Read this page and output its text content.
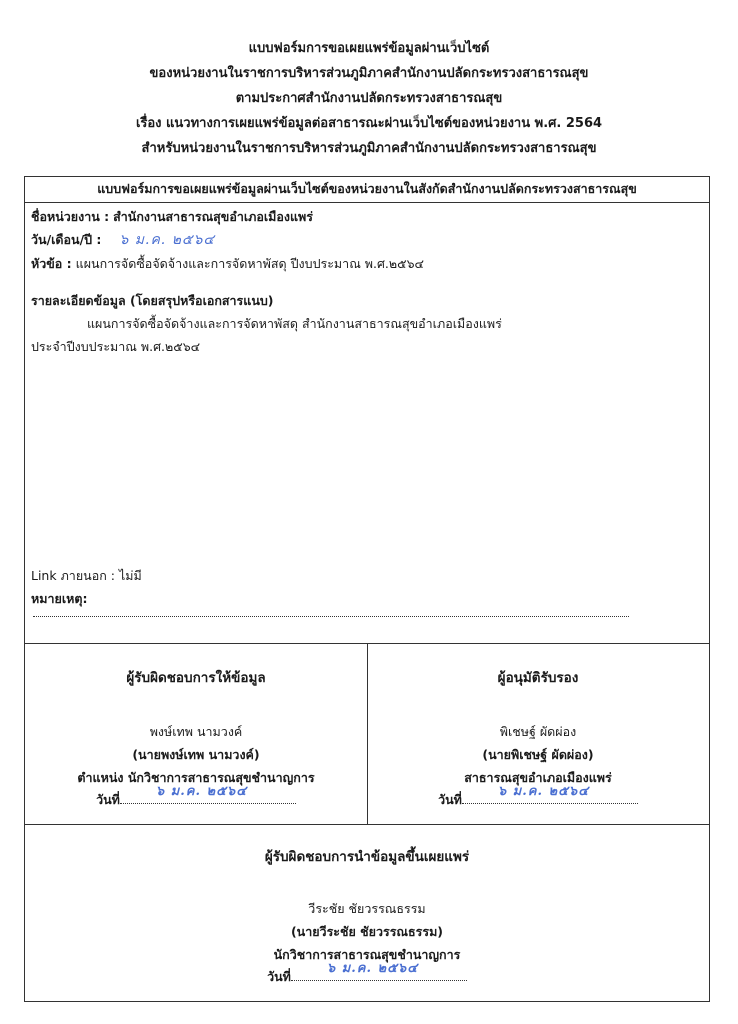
แบบฟอร์มการขอเผยแพร่ข้อมูลผ่านเว็บไซต์
ของหน่วยงานในราชการบริหารส่วนภูมิภาคสำนักงานปลัดกระทรวงสาธารณสุข
ตามประกาศสำนักงานปลัดกระทรวงสาธารณสุข
เรื่อง แนวทางการเผยแพร่ข้อมูลต่อสาธารณะผ่านเว็บไซต์ของหน่วยงาน พ.ศ. 2564
สำหรับหน่วยงานในราชการบริหารส่วนภูมิภาคสำนักงานปลัดกระทรวงสาธารณสุข
แบบฟอร์มการขอเผยแพร่ข้อมูลผ่านเว็บไซต์ของหน่วยงานในสังกัดสำนักงานปลัดกระทรวงสาธารณสุข
ชื่อหน่วยงาน : สำนักงานสาธารณสุขอำเภอเมืองแพร่
วัน/เดือน/ปี : ๖ ม.ค. ๒๕๖๔
หัวข้อ : แผนการจัดซื้อจัดจ้างและการจัดหาพัสดุ ปีงบประมาณ พ.ศ.๒๕๖๔
รายละเอียดข้อมูล (โดยสรุปหรือเอกสารแนบ)
แผนการจัดซื้อจัดจ้างและการจัดหาพัสดุ สำนักงานสาธารณสุขอำเภอเมืองแพร่
ประจำปีงบประมาณ พ.ศ.๒๕๖๔
Link ภายนอก : ไม่มี
หมายเหตุ:
ผู้รับผิดชอบการให้ข้อมูล
พงษ์เทพ นามวงค์
(นายพงษ์เทพ นามวงค์)
ตำแหน่ง นักวิชาการสาธารณสุขชำนาญการ
วันที่
๖ ม.ค. ๒๕๖๔
ผู้อนุมัติรับรอง
พิเชษฐ์ ผัดผ่อง
(นายพิเชษฐ์ ผัดผ่อง)
สาธารณสุขอำเภอเมืองแพร่
วันที่
๖ ม.ค. ๒๕๖๔
ผู้รับผิดชอบการนำข้อมูลขึ้นเผยแพร่
วีระชัย ชัยวรรณธรรม
(นายวีระชัย ชัยวรรณธรรม)
นักวิชาการสาธารณสุขชำนาญการ
วันที่
๖ ม.ค. ๒๕๖๔
